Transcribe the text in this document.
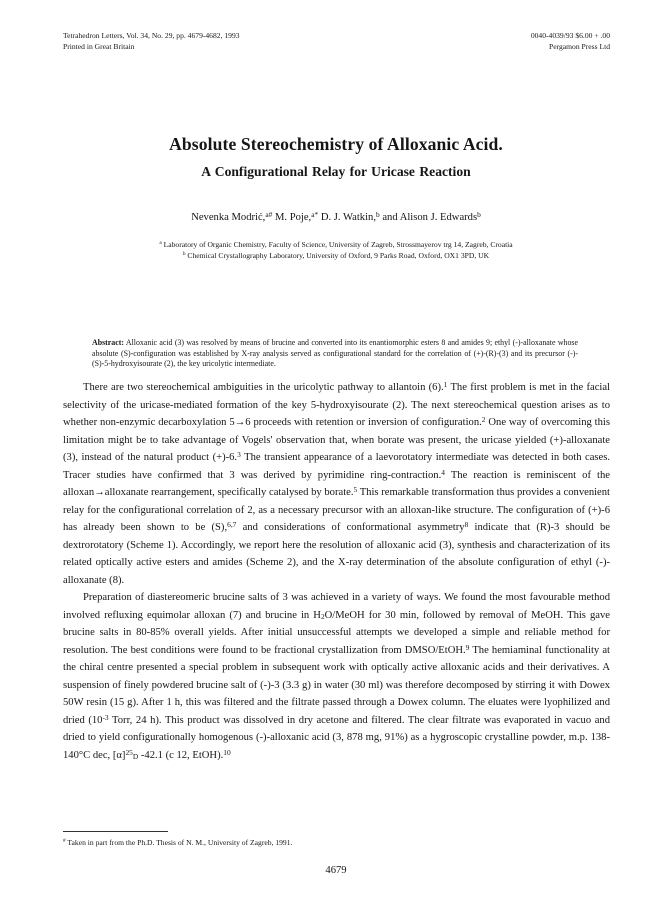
Tetrahedron Letters, Vol. 34, No. 29, pp. 4679-4682, 1993
Printed in Great Britain
0040-4039/93 $6.00 + .00
Pergamon Press Ltd
Absolute Stereochemistry of Alloxanic Acid.
A Configurational Relay for Uricase Reaction
Nevenka Modrić,$^{a\#}$ M. Poje,$^{a*}$ D. J. Watkin,$^b$ and Alison J. Edwards$^b$
$^a$ Laboratory of Organic Chemistry, Faculty of Science, University of Zagreb, Strossmayerov trg 14, Zagreb, Croatia
$^b$ Chemical Crystallography Laboratory, University of Oxford, 9 Parks Road, Oxford, OX1 3PD, UK
Abstract: Alloxanic acid (3) was resolved by means of brucine and converted into its enantiomorphic esters 8 and amides 9; ethyl (-)-alloxanate whose absolute (S)-configuration was established by X-ray analysis served as configurational standard for the correlation of (+)-(R)-(3) and its precursor (-)-(S)-5-hydroxyisourate (2), the key uricolytic intermediate.

There are two stereochemical ambiguities in the uricolytic pathway to allantoin (6).$^1$ The first problem is met in the facial selectivity of the uricase-mediated formation of the key 5-hydroxyisourate (2). The next stereochemical question arises as to whether non-enzymic decarboxylation 5→6 proceeds with retention or inversion of configuration.$^2$ One way of overcoming this limitation might be to take advantage of Vogels' observation that, when borate was present, the uricase yielded (+)-alloxanate (3), instead of the natural product (+)-6.$^3$ The transient appearance of a laevorotatory intermediate was detected in both cases. Tracer studies have confirmed that 3 was derived by pyrimidine ring-contraction.$^4$ The reaction is reminiscent of the alloxan→alloxanate rearrangement, specifically catalysed by borate.$^5$ This remarkable transformation thus provides a convenient relay for the configurational correlation of 2, as a necessary precursor with an alloxan-like structure. The configuration of (+)-6 has already been shown to be (S),$^{6,7}$ and considerations of conformational asymmetry$^8$ indicate that (R)-3 should be dextrorotatory (Scheme 1). Accordingly, we report here the resolution of alloxanic acid (3), synthesis and characterization of its related optically active esters and amides (Scheme 2), and the X-ray determination of the absolute configuration of ethyl (-)-alloxanate (8).

Preparation of diastereomeric brucine salts of 3 was achieved in a variety of ways. We found the most favourable method involved refluxing equimolar alloxan (7) and brucine in $H_2O$/MeOH for 30 min, followed by removal of MeOH. This gave brucine salts in 80-85% overall yields. After initial unsuccessful attempts we developed a simple and reliable method for resolution. The best conditions were found to be fractional crystallization from DMSO/EtOH.$^9$ The hemiaminal functionality at the chiral centre presented a special problem in subsequent work with optically active alloxanic acids and their derivatives. A suspension of finely powdered brucine salt of (-)-3 (3.3 g) in water (30 ml) was therefore decomposed by stirring it with Dowex 50W resin (15 g). After 1 h, this was filtered and the filtrate passed through a Dowex column. The eluates were lyophilized and dried ($10^{-3}$ Torr, 24 h). This product was dissolved in dry acetone and filtered. The clear filtrate was evaporated in vacuo and dried to yield configurationally homogenous (-)-alloxanic acid (3, 878 mg, 91%) as a hygroscopic crystalline powder, m.p. 138-140°C dec, $[\alpha]^{25}_D$ -42.1 (c 12, EtOH).$^{10}$

# Taken in part from the Ph.D. Thesis of N. M., University of Zagreb, 1991.
4679
